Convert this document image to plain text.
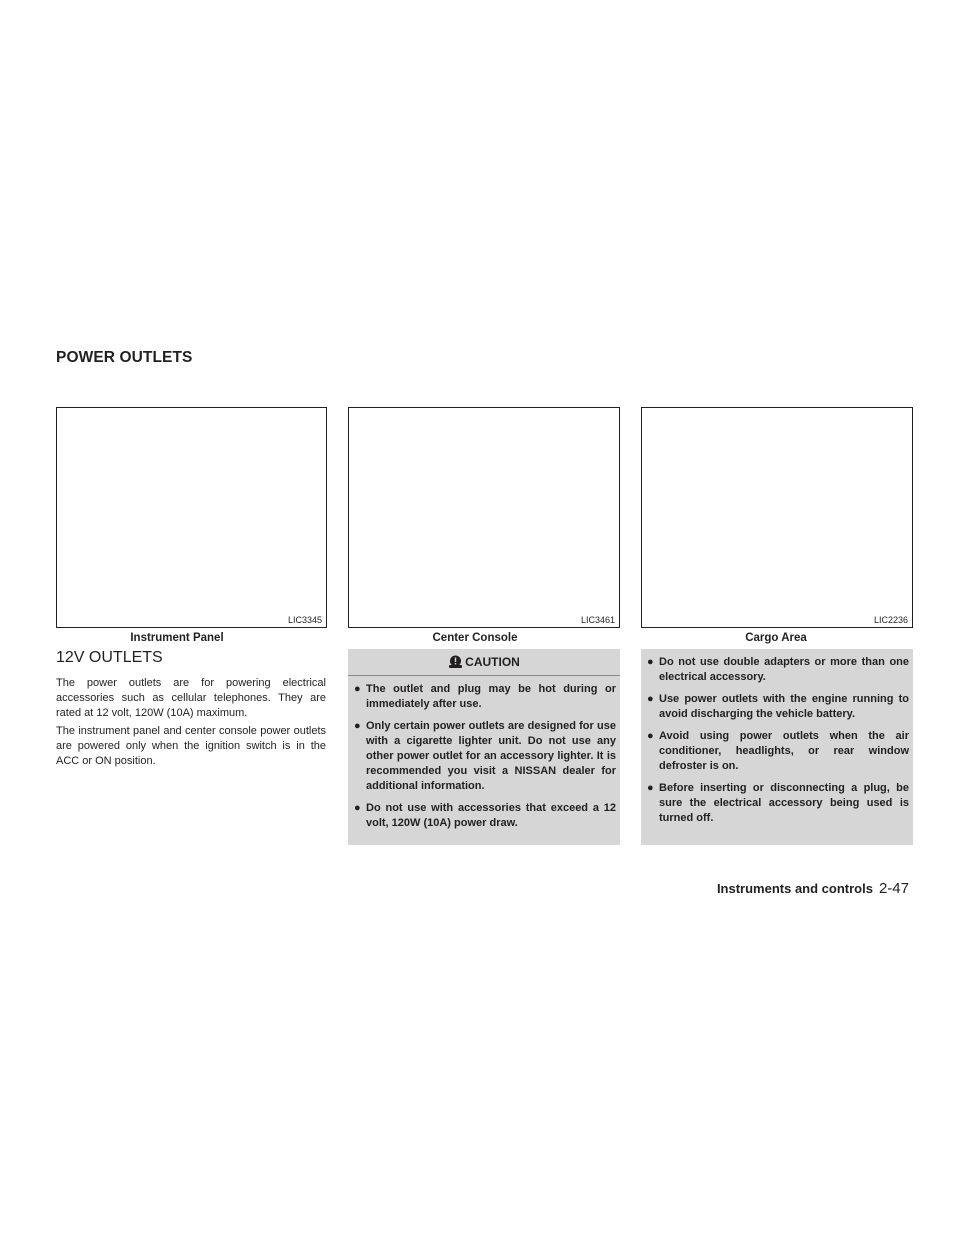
POWER OUTLETS
LIC3345
Instrument Panel
LIC3461
Center Console
LIC2236
Cargo Area
12V OUTLETS

The power outlets are for powering electrical accessories such as cellular telephones. They are rated at 12 volt, 120W (10A) maximum.

The instrument panel and center console power outlets are powered only when the ignition switch is in the ACC or ON position.

CAUTION
● The outlet and plug may be hot during or immediately after use.
● Only certain power outlets are designed for use with a cigarette lighter unit. Do not use any other power outlet for an accessory lighter. It is recommended you visit a NISSAN dealer for additional information.
● Do not use with accessories that exceed a 12 volt, 120W (10A) power draw.
● Do not use double adapters or more than one electrical accessory.
● Use power outlets with the engine running to avoid discharging the vehicle battery.
● Avoid using power outlets when the air conditioner, headlights, or rear window defroster is on.
● Before inserting or disconnecting a plug, be sure the electrical accessory being used is turned off.
Instruments and controls 2-47
